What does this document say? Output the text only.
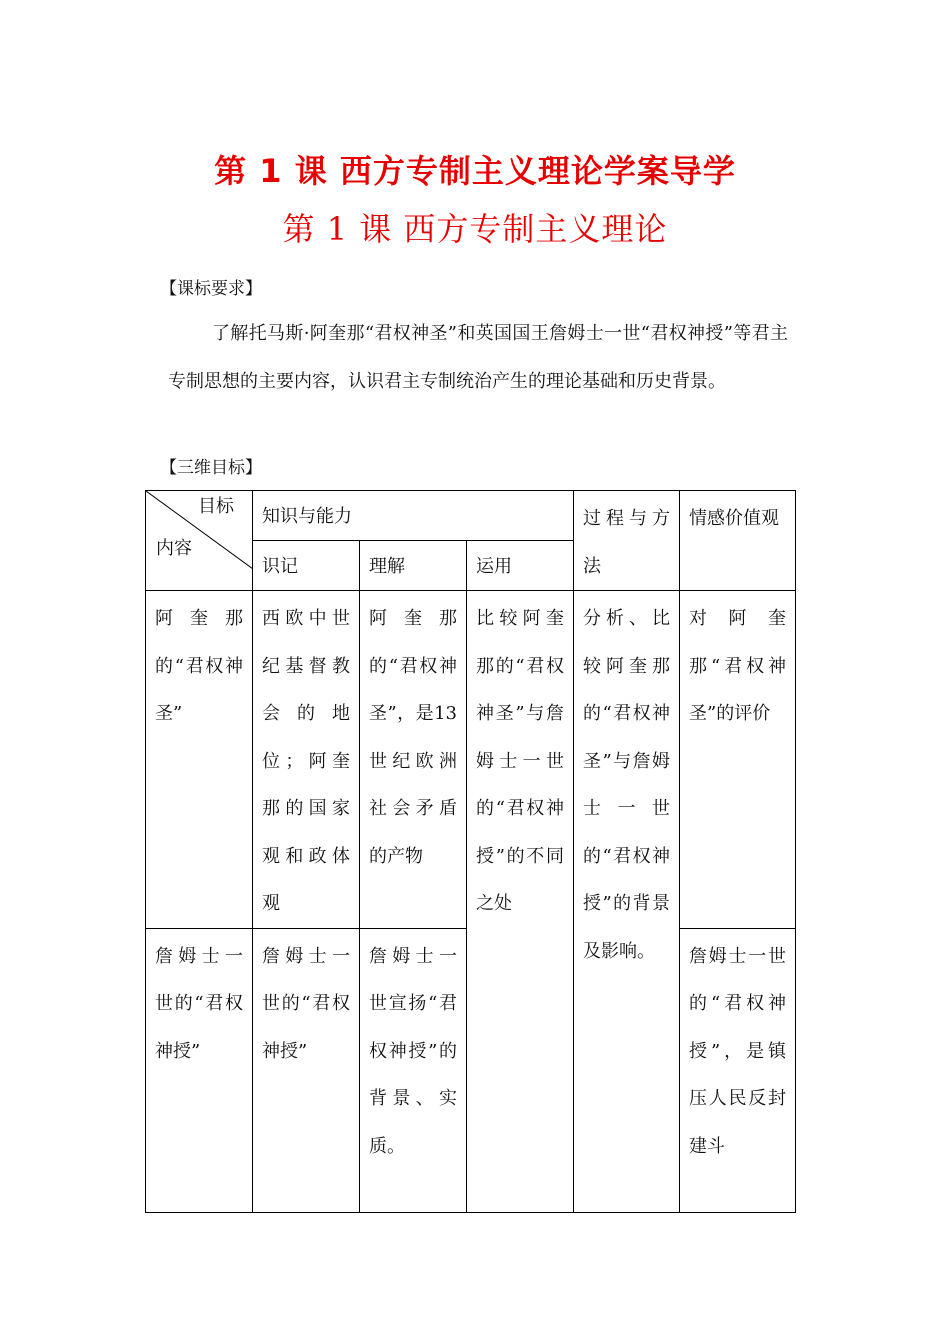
第 1 课 西方专制主义理论学案导学
第 1 课 西方专制主义理论
【课标要求】
了解托马斯·阿奎那“君权神圣”和英国国王詹姆士一世“君权神授”等君主专制思想的主要内容，认识君主专制统治产生的理论基础和历史背景。
【三维目标】
目标
内容	知识与能力			过程与方法	情感价值观
	识记	理解	运用		
阿奎那的“君权神圣”	西欧中世纪基督教会的地位；阿奎那的国家观和政体观	阿奎那的“君权神圣”，是13世纪欧洲社会矛盾的产物	比较阿奎那的“君权神圣”与詹姆士一世的“君权神授”的不同之处	分析、比较阿奎那的“君权神圣”与詹姆士一世的“君权神授”的背景及影响。	对阿奎那“君权神圣”的评价
詹姆士一世的“君权神授”	詹姆士一世的“君权神授”	詹姆士一世宣扬“君权神授”的背景、实质。			詹姆士一世的“君权神授”，是镇压人民反封建斗
